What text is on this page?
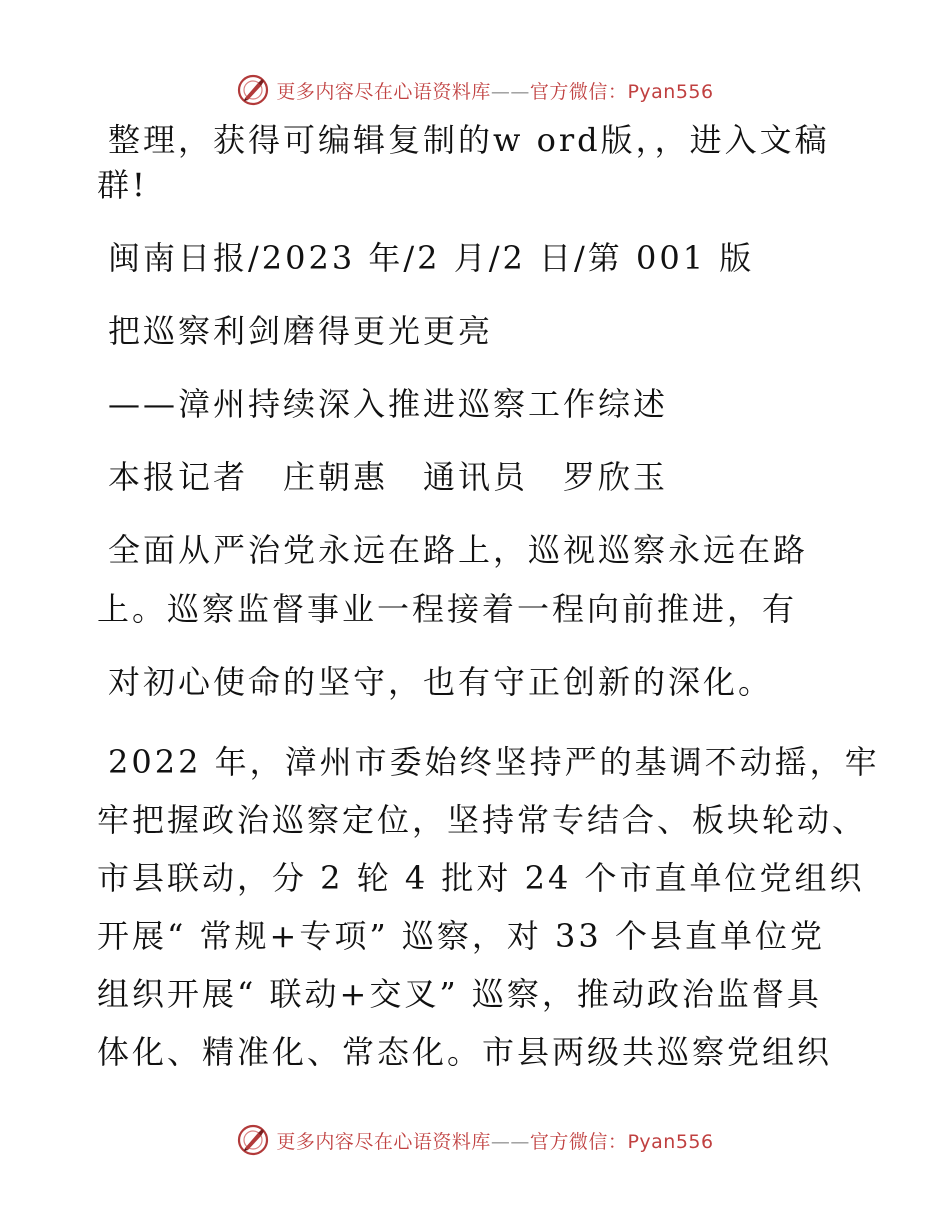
更多内容尽在心语资料库——官方微信：Pyan556

整理，获得可编辑复制的w ord版，，进入文稿

群!

闽南日报/2023 年/2 月/2 日/第 001 版

把巡察利剑磨得更光更亮

——漳州持续深入推进巡察工作综述

本报记者　庄朝惠　通讯员　罗欣玉

全面从严治党永远在路上，巡视巡察永远在路

上。巡察监督事业一程接着一程向前推进，有

对初心使命的坚守，也有守正创新的深化。

2022 年，漳州市委始终坚持严的基调不动摇，牢

牢把握政治巡察定位，坚持常专结合、板块轮动、

市县联动，分 2 轮 4 批对 24 个市直单位党组织

开展“ 常规+专项” 巡察，对 33 个县直单位党

组织开展“ 联动+交叉” 巡察，推动政治监督具

体化、精准化、常态化。市县两级共巡察党组织

更多内容尽在心语资料库——官方微信：Pyan556
